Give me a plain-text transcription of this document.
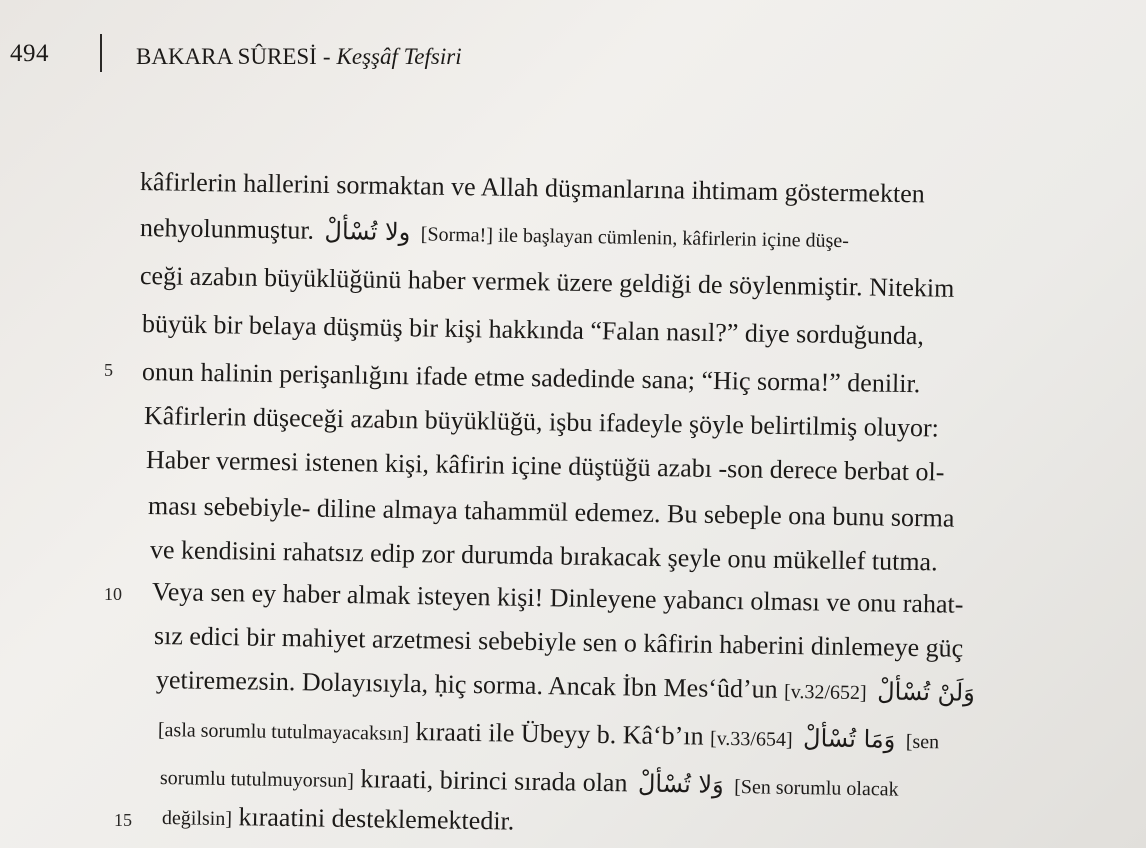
494	BAKARA SÛRESİ - Keşşâf Tefsiri
5
10
15
kâfirlerin hallerini sormaktan ve Allah düşmanlarına ihtimam göstermekten
nehyolunmuştur. ولا تُسْألْ [Sorma!] ile başlayan cümlenin, kâfirlerin içine düşe-
ceği azabın büyüklüğünü haber vermek üzere geldiği de söylenmiştir. Nitekim
büyük bir belaya düşmüş bir kişi hakkında “Falan nasıl?” diye sorduğunda,
onun halinin perişanlığını ifade etme sadedinde sana; “Hiç sorma!” denilir.
Kâfirlerin düşeceği azabın büyüklüğü, işbu ifadeyle şöyle belirtilmiş oluyor:
Haber vermesi istenen kişi, kâfirin içine düştüğü azabı -son derece berbat ol-
ması sebebiyle- diline almaya tahammül edemez. Bu sebeple ona bunu sorma
ve kendisini rahatsız edip zor durumda bırakacak şeyle onu mükellef tutma.
Veya sen ey haber almak isteyen kişi! Dinleyene yabancı olması ve onu rahat-
sız edici bir mahiyet arzetmesi sebebiyle sen o kâfirin haberini dinlemeye güç
yetiremezsin. Dolayısıyla, ḥiç sorma. Ancak İbn Mes‘ûd’un [v.32/652] وَلَنْ تُسْألْ
[asla sorumlu tutulmayacaksın] kıraati ile Übeyy b. Kâ‘b’ın [v.33/654] وَمَا تُسْألْ [sen
sorumlu tutulmuyorsun] kıraati, birinci sırada olan وَلا تُسْألْ [Sen sorumlu olacak
değilsin] kıraatini desteklemektedir.
